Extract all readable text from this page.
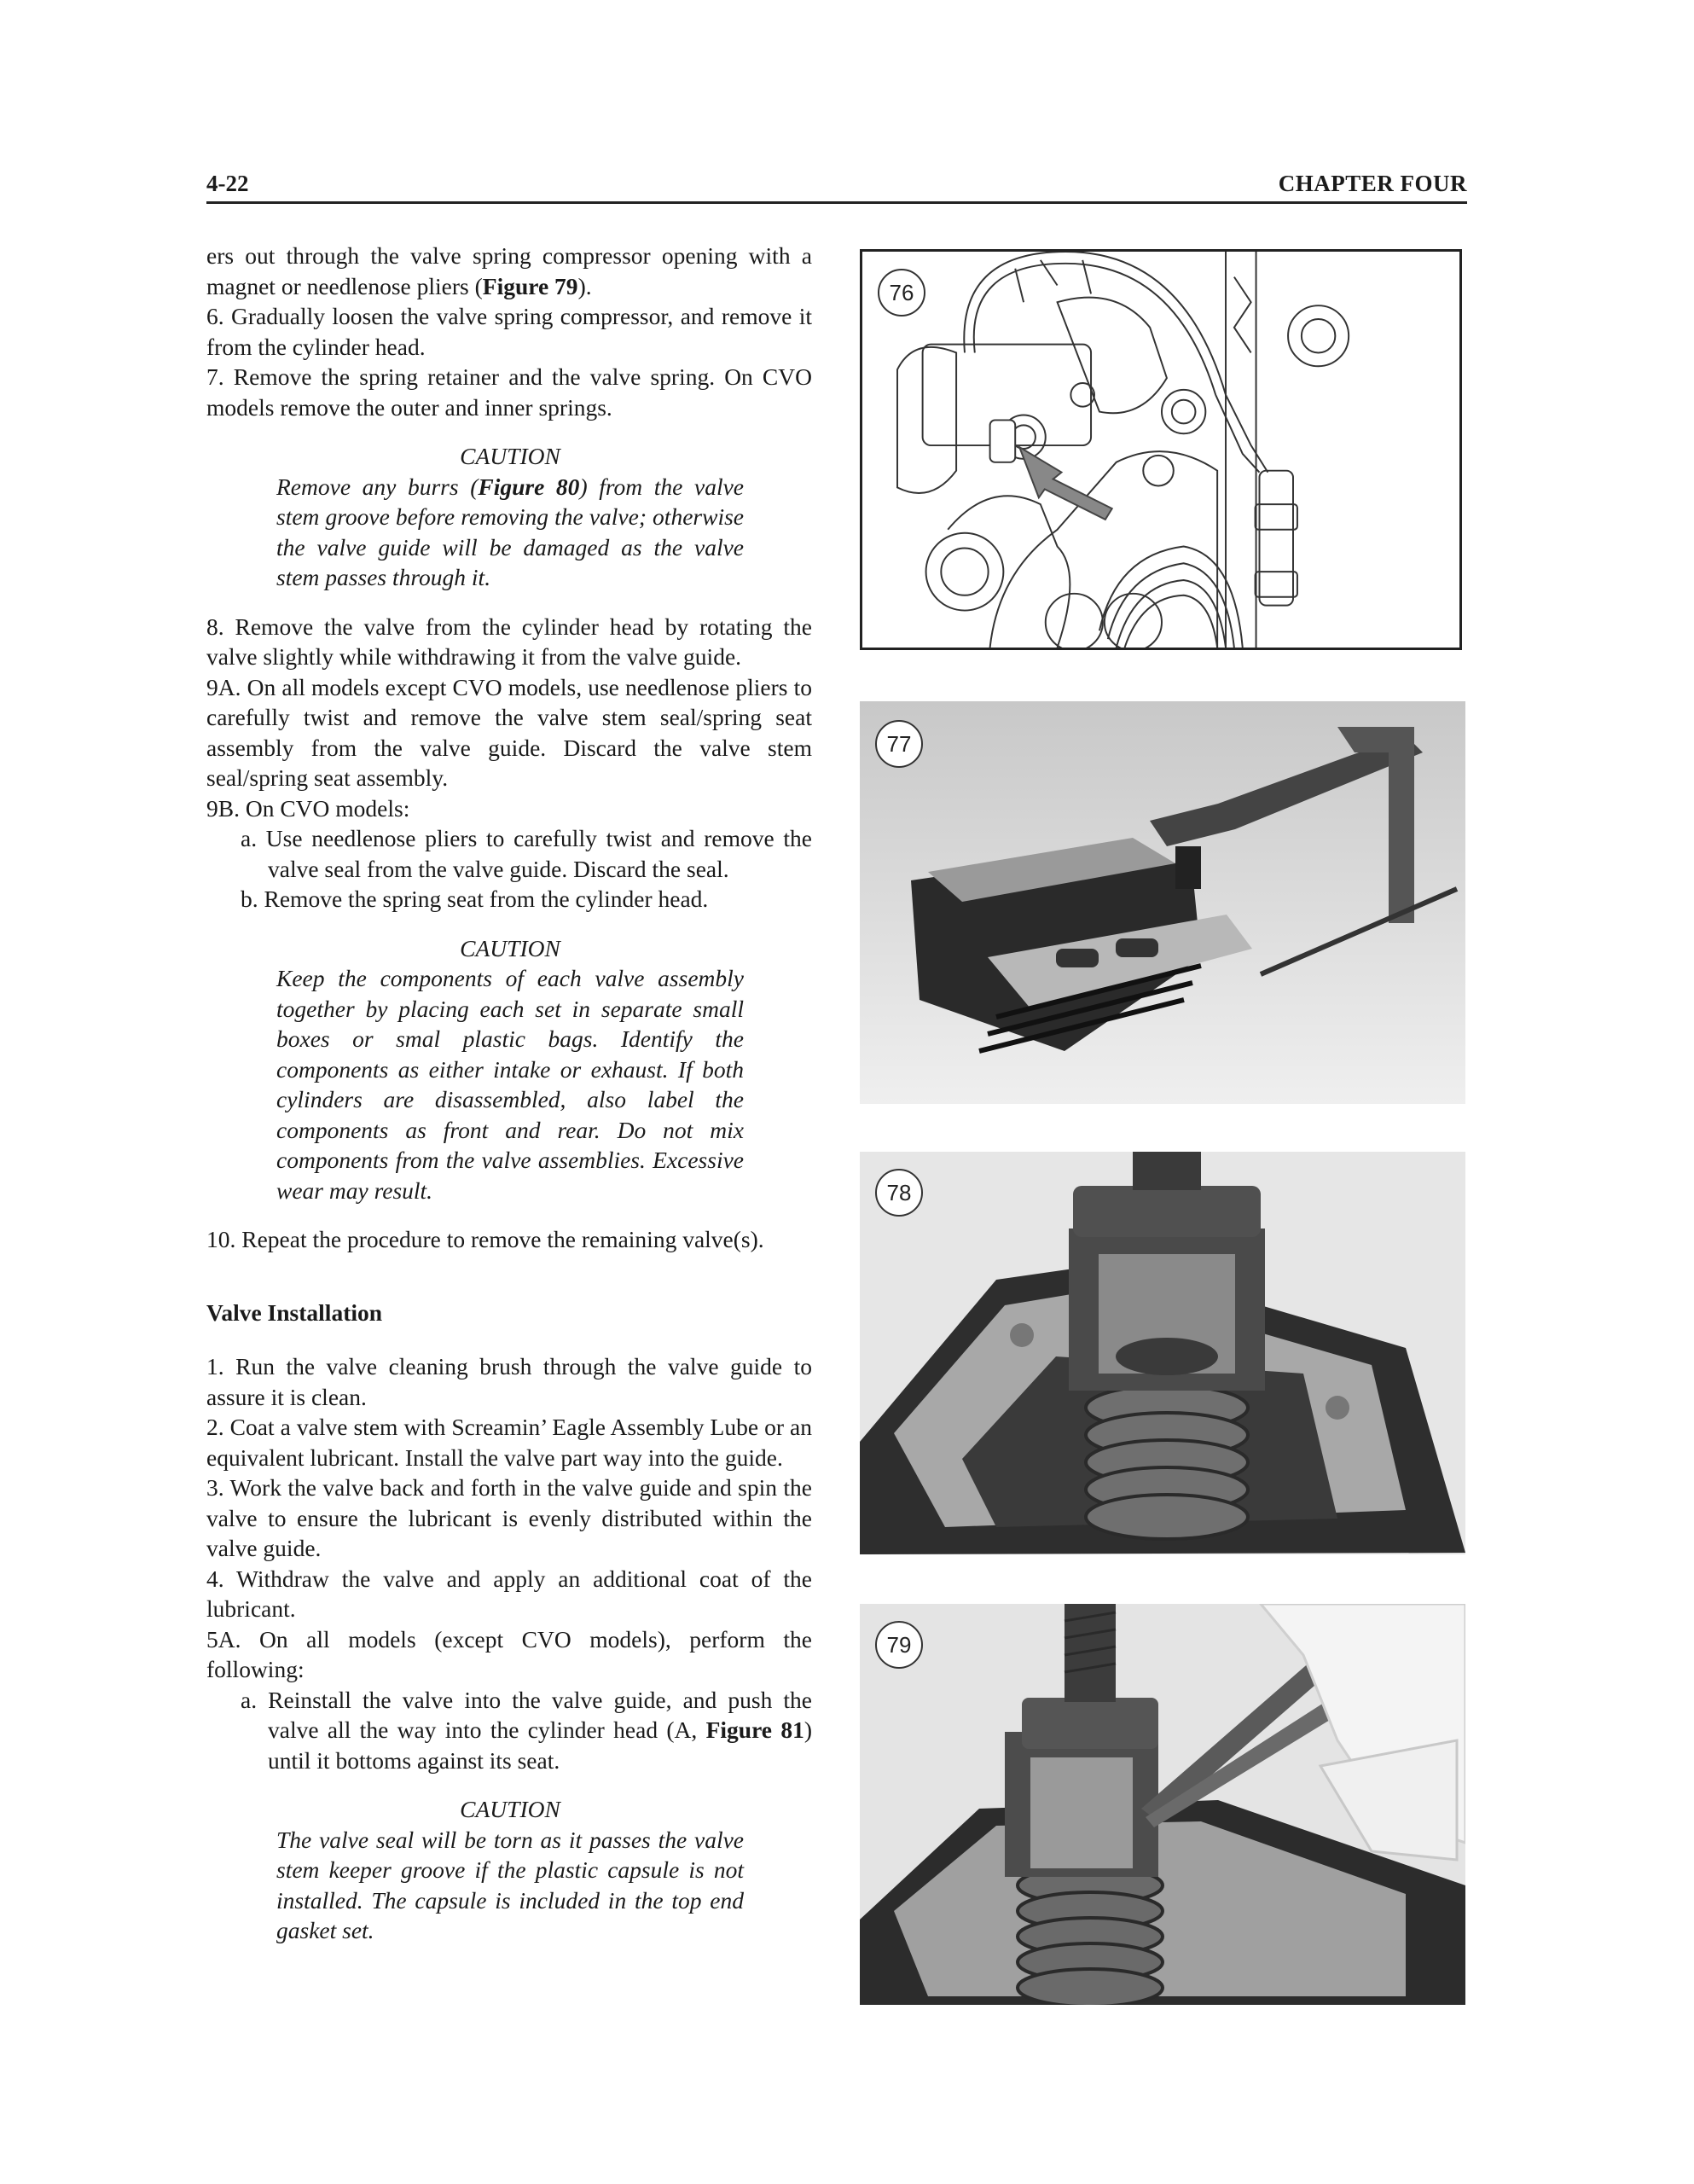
4-22	CHAPTER FOUR

ers out through the valve spring compressor opening with a magnet or needlenose pliers (Figure 79).

6. Gradually loosen the valve spring compressor, and remove it from the cylinder head.

7. Remove the spring retainer and the valve spring. On CVO models remove the outer and inner springs.

CAUTION

Remove any burrs (Figure 80) from the valve stem groove before removing the valve; otherwise the valve guide will be damaged as the valve stem passes through it.

8. Remove the valve from the cylinder head by rotating the valve slightly while withdrawing it from the valve guide.

9A. On all models except CVO models, use needlenose pliers to carefully twist and remove the valve stem seal/spring seat assembly from the valve guide. Discard the valve stem seal/spring seat assembly.

9B. On CVO models:

a. Use needlenose pliers to carefully twist and remove the valve seal from the valve guide. Discard the seal.

b. Remove the spring seat from the cylinder head.

CAUTION

Keep the components of each valve assembly together by placing each set in separate small boxes or smal plastic bags. Identify the components as either intake or exhaust. If both cylinders are disassembled, also label the components as front and rear. Do not mix components from the valve assemblies. Excessive wear may result.

10. Repeat the procedure to remove the remaining valve(s).

Valve Installation

1. Run the valve cleaning brush through the valve guide to assure it is clean.

2. Coat a valve stem with Screamin’ Eagle Assembly Lube or an equivalent lubricant. Install the valve part way into the guide.

3. Work the valve back and forth in the valve guide and spin the valve to ensure the lubricant is evenly distributed within the valve guide.

4. Withdraw the valve and apply an additional coat of the lubricant.

5A. On all models (except CVO models), perform the following:

a. Reinstall the valve into the valve guide, and push the valve all the way into the cylinder head (A, Figure 81) until it bottoms against its seat.

CAUTION

The valve seal will be torn as it passes the valve stem keeper groove if the plastic capsule is not installed. The capsule is included in the top end gasket set.

76
77
78
79
